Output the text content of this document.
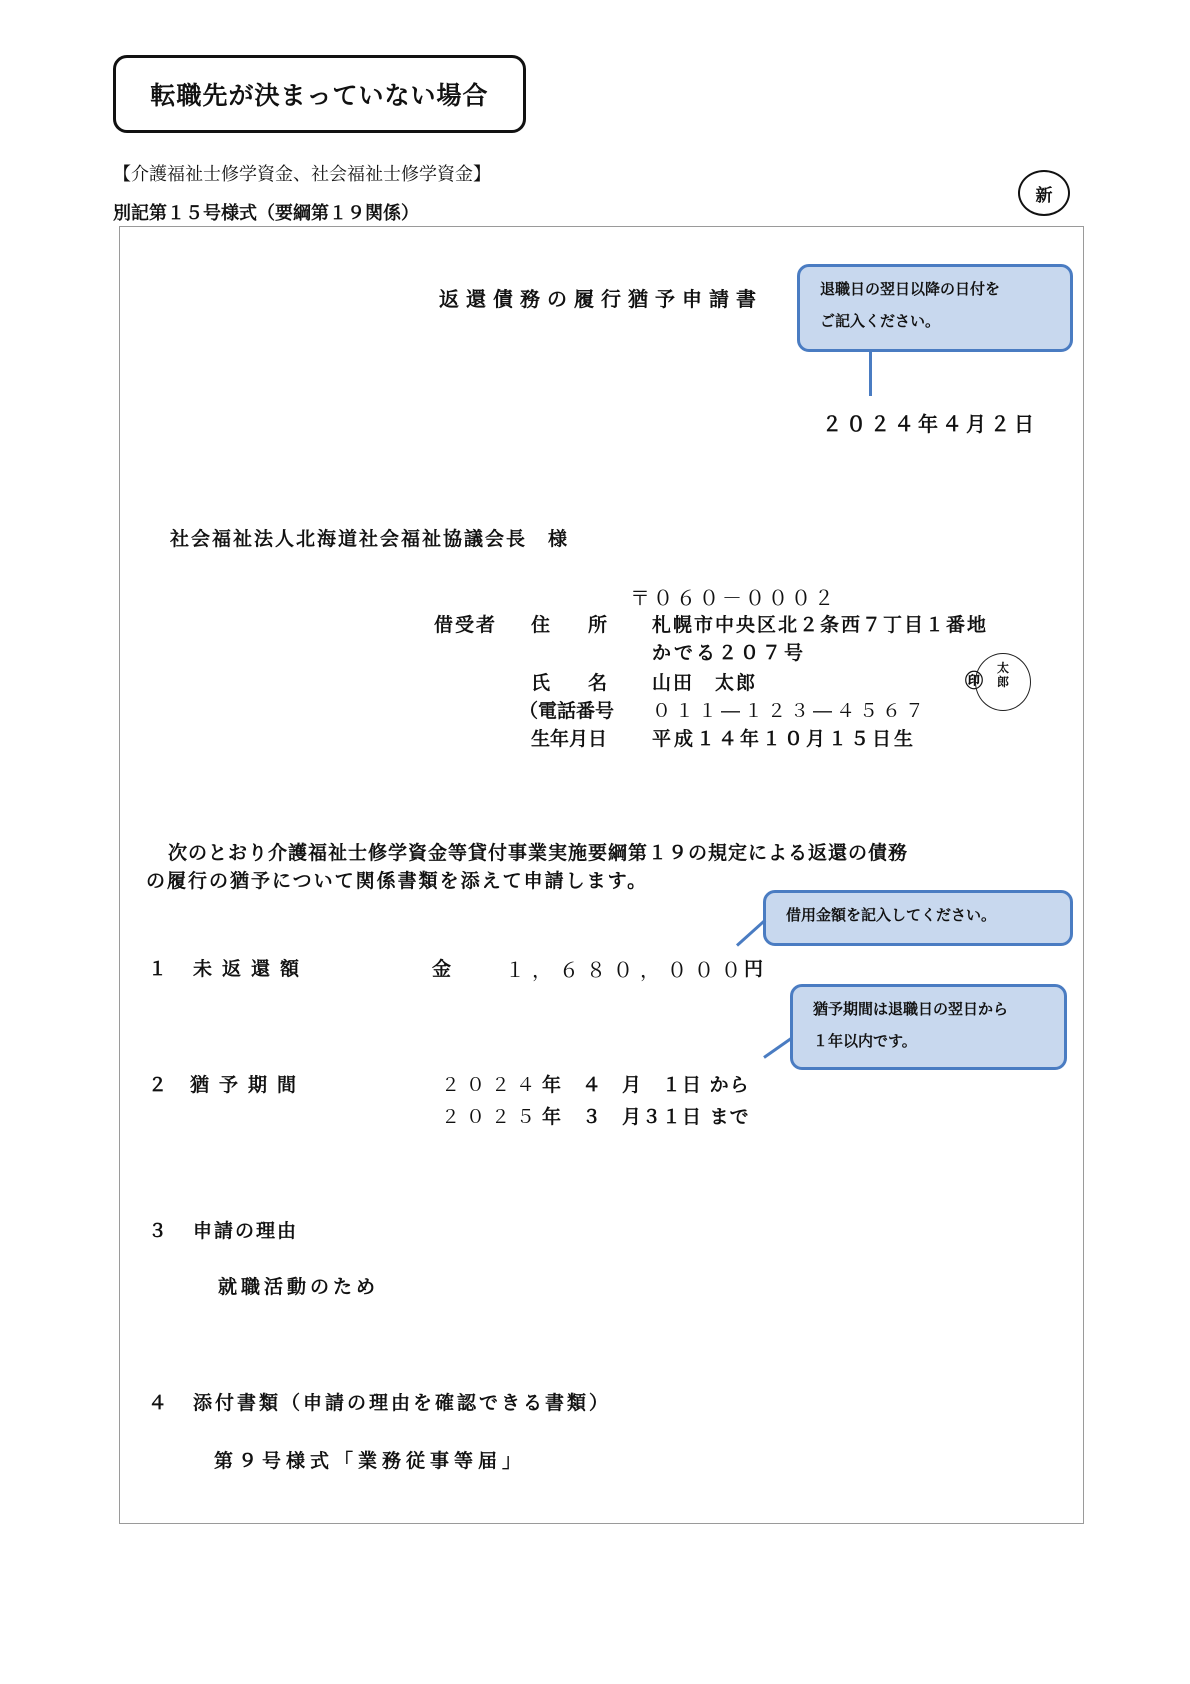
転職先が決まっていない場合
【介護福祉士修学資金、社会福祉士修学資金】
別記第１５号様式（要綱第１９関係）
新
返還債務の履行猶予申請書	退職日の翌日以降の日付を
ご記入ください。
２０２４年４月２日
社会福祉法人北海道社会福祉協議会長　様
〒０６０－０００２
借受者 住　　所 札幌市中央区北２条西７丁目１番地
かでる２０７号
氏　　名 山田　太郎	㊞
太郎
（電話番号 ０１１―１２３―４５６７
生年月日 平成１４年１０月１５日生
次のとおり介護福祉士修学資金等貸付事業実施要綱第１９の規定による返還の債務
の履行の猶予について関係書類を添えて申請します。
借用金額を記入してください。
１ 未返還額	金	１，６８０，０００
円
猶予期間は退職日の翌日から
１年以内です。
２ 猶予期間	２０２４ 年　４　月　１日 から
２０２５ 年　３　月３１日 まで
３ 申請の理由
就職活動のため
４ 添付書類（申請の理由を確認できる書類）
第９号様式「業務従事等届」
